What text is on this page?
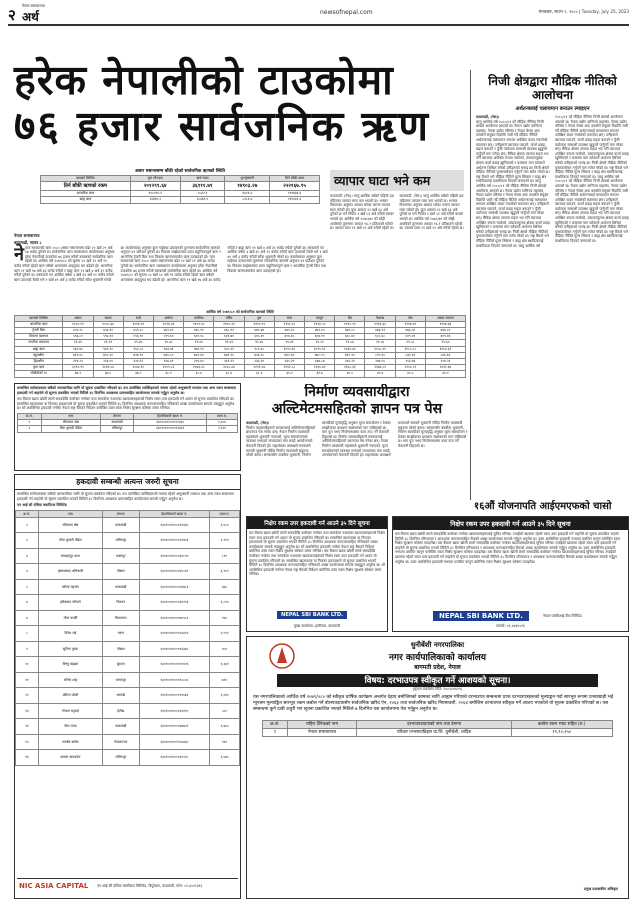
२ नेपाल समाचारपत्र
अर्थ	newsofnepal.com	मंगलबार, साउन ९, २०८० | Tuesday, July 25, 2023
हरेक नेपालीको टाउकोमा
७६ हजार सार्वजनिक ऋण
असार मसान्तसम्म बाँकी रहेको सार्वजनिक ऋणको स्थिति
ऋणको किसिम	मूल भौज्दात	खर्च रकम	पुनर्भुक्तानी	तिर्न बाँकी रकम
तिर्न बाँकी ऋणको रकम	२०१२९९.६४	३६९११.७९	१४९०३.२७	२२२१६७.९५
आन्तरिक ऋण	१०८०२९.१	८५३२.९	६६२१.६	१११७३६.६
बाह्य ऋण	९३२७०.२	२८३७९.०	८२८१.७	११०४३१.३
नेपाल समाचारपत्र
काठमाडौं, साउन ८
ने पाल सरकारको ऋण २०८० असार मसान्तसम्म बढेर २२ खर्ब २१ अर्ब ६७ करोड पुगेको छ। सार्वजनिक ऋण व्यवस्थापन कार्यालयका अनुसार हरेक नेपालीको टाउकोमा ७६ हजार रुपैयाँ बराबरको सार्वजनिक ऋण रहेको छ। आर्थिक वर्ष २०७९/८० को सुरुमा २० खर्ब १२ अर्ब ९९ करोड रुपैयाँ रहेको ऋण वर्षको अन्त्यसम्म आइपुग्दा थप बढेको हो। आन्तरिक ऋण ११ खर्ब १७ अर्ब ३६ करोड रुपैयाँ र बाह्य ऋण ११ खर्ब ४ अर्ब ३१ करोड रुपैयाँ पुगेको छ। सरकारले गत आर्थिक वर्षमा ३ खर्ब ६९ अर्ब ११ करोड रुपैयाँ ऋण उठाएको थियो भने १ खर्ब ४९ अर्ब ३ करोड रुपैयाँ साँवा भुक्तानी गरेको छ। कार्यालयका अनुसार कुल गार्हस्थ्य उत्पादनको तुलनामा सार्वजनिक ऋणको अनुपात ४१ प्रतिशत पुगेको छ। विकास साझेदारबाट प्राप्त सहुलियतपूर्ण ऋण र आन्तरिक ट्रेजरी बिल तथा विकास ऋणपत्रमार्फत ऋण उठाइएको हो। पाल सरकारको ऋण २०८० असार मसान्तसम्म बढेर २२ खर्ब २१ अर्ब ६७ करोड पुगेको छ। सार्वजनिक ऋण व्यवस्थापन कार्यालयका अनुसार हरेक नेपालीको टाउकोमा ७६ हजार रुपैयाँ बराबरको सार्वजनिक ऋण रहेको छ। आर्थिक वर्ष २०७९/८० को सुरुमा २० खर्ब १२ अर्ब ९९ करोड रुपैयाँ रहेको ऋण वर्षको अन्त्यसम्म आइपुग्दा थप बढेको हो। आन्तरिक ऋण ११ खर्ब १७ अर्ब ३६ करोड रुपैयाँ र बाह्य ऋण ११ खर्ब ४ अर्ब ३१ करोड रुपैयाँ पुगेको छ। सरकारले गत आर्थिक वर्षमा ३ खर्ब ६९ अर्ब ११ करोड रुपैयाँ ऋण उठाएको थियो भने १ खर्ब ४९ अर्ब ३ करोड रुपैयाँ साँवा भुक्तानी गरेको छ। कार्यालयका अनुसार कुल गार्हस्थ्य उत्पादनको तुलनामा सार्वजनिक ऋणको अनुपात ४१ प्रतिशत पुगेको छ। विकास साझेदारबाट प्राप्त सहुलियतपूर्ण ऋण र आन्तरिक ट्रेजरी बिल तथा विकास ऋणपत्रमार्फत ऋण उठाइएको हो।
व्यापार घाटा भने कम
काठमाडौं, (नेस)। चालु आर्थिक वर्षको पहिलो दश महिनामा व्यापार घाटा कम भएको छ। भन्सार विभागका अनुसार आयात घटेका कारण व्यापार घाटा घटेको हो। कुल आयात १२ खर्ब ६३ अर्ब पुगेको छ भने निर्यात १ खर्ब ५१ अर्ब रुपैयाँ बराबर भएको छ। आर्थिक वर्ष २०७८/७९ को सोही अवधिको तुलनामा आयात १६.१ प्रतिशतले घटेको छ। व्यापार घाटा ११ खर्ब १२ अर्ब रुपैयाँ रहेको छ। काठमाडौं, (नेस)। चालु आर्थिक वर्षको पहिलो दश महिनामा व्यापार घाटा कम भएको छ। भन्सार विभागका अनुसार आयात घटेका कारण व्यापार घाटा घटेको हो। कुल आयात १२ खर्ब ६३ अर्ब पुगेको छ भने निर्यात १ खर्ब ५१ अर्ब रुपैयाँ बराबर भएको छ। आर्थिक वर्ष २०७८/७९ को सोही अवधिको तुलनामा आयात १६.१ प्रतिशतले घटेको छ। व्यापार घाटा ११ खर्ब १२ अर्ब रुपैयाँ रहेको छ।
निजी क्षेत्रद्वारा मौद्रिक नीतिको आलोचना
अर्थतन्त्रलाई चलायमान बनाउन ल्याइएन
काठमाडौं, (नेस)।
चालु आर्थिक वर्ष २०८०/८१ को मौद्रिक नीतिमा निजी क्षेत्रको आलोचना आएको छ। नेपाल उद्योग वाणिज्य महासंघ, नेपाल उद्योग परिसंघ र नेपाल चेम्बर अफ कमर्सले संयुक्त विज्ञप्ति जारी गर्दै मौद्रिक नीतिले अर्थतन्त्रलाई चलायमान बनाउन अपेक्षित कदम नचालेको बताएका छन्। उनीहरूले ब्याजदर घटाउने, कर्जा प्रवाह सहज बनाउने र पुँजी पर्याप्तता सम्बन्धी व्यवस्था खुकुलो पार्नुपर्ने माग गरेका छन्। बैंकिङ क्षेत्रमा तरलता सहज भए पनि ब्याजदर अपेक्षित रूपमा नघटेको, उत्पादनमूलक क्षेत्रमा कर्जा प्रवाह खुम्चिएको र बजारमा माग घटेकाले अर्थतन्त्र शिथिल बनेको उनीहरूको भनाइ छ। निजी क्षेत्रले मौद्रिक नीतिको पुनरावलोकन गर्नुपर्ने माग समेत गरेको छ। राष्ट्र बैंकले भने मौद्रिक नीतिले मूल्य स्थिरता र बाह्य क्षेत्र स्थायित्वलाई प्राथमिकता दिएको जनाएको छ। चालु आर्थिक वर्ष २०८०/८१ को मौद्रिक नीतिमा निजी क्षेत्रको आलोचना आएको छ। नेपाल उद्योग वाणिज्य महासंघ, नेपाल उद्योग परिसंघ र नेपाल चेम्बर अफ कमर्सले संयुक्त विज्ञप्ति जारी गर्दै मौद्रिक नीतिले अर्थतन्त्रलाई चलायमान बनाउन अपेक्षित कदम नचालेको बताएका छन्। उनीहरूले ब्याजदर घटाउने, कर्जा प्रवाह सहज बनाउने र पुँजी पर्याप्तता सम्बन्धी व्यवस्था खुकुलो पार्नुपर्ने माग गरेका छन्। बैंकिङ क्षेत्रमा तरलता सहज भए पनि ब्याजदर अपेक्षित रूपमा नघटेको, उत्पादनमूलक क्षेत्रमा कर्जा प्रवाह खुम्चिएको र बजारमा माग घटेकाले अर्थतन्त्र शिथिल बनेको उनीहरूको भनाइ छ। निजी क्षेत्रले मौद्रिक नीतिको पुनरावलोकन गर्नुपर्ने माग समेत गरेको छ। राष्ट्र बैंकले भने मौद्रिक नीतिले मूल्य स्थिरता र बाह्य क्षेत्र स्थायित्वलाई प्राथमिकता दिएको जनाएको छ। चालु आर्थिक वर्ष २०८०/८१ को मौद्रिक नीतिमा निजी क्षेत्रको आलोचना आएको छ। नेपाल उद्योग वाणिज्य महासंघ, नेपाल उद्योग परिसंघ र नेपाल चेम्बर अफ कमर्सले संयुक्त विज्ञप्ति जारी गर्दै मौद्रिक नीतिले अर्थतन्त्रलाई चलायमान बनाउन अपेक्षित कदम नचालेको बताएका छन्। उनीहरूले ब्याजदर घटाउने, कर्जा प्रवाह सहज बनाउने र पुँजी पर्याप्तता सम्बन्धी व्यवस्था खुकुलो पार्नुपर्ने माग गरेका छन्। बैंकिङ क्षेत्रमा तरलता सहज भए पनि ब्याजदर अपेक्षित रूपमा नघटेको, उत्पादनमूलक क्षेत्रमा कर्जा प्रवाह खुम्चिएको र बजारमा माग घटेकाले अर्थतन्त्र शिथिल बनेको उनीहरूको भनाइ छ। निजी क्षेत्रले मौद्रिक नीतिको पुनरावलोकन गर्नुपर्ने माग समेत गरेको छ। राष्ट्र बैंकले भने मौद्रिक नीतिले मूल्य स्थिरता र बाह्य क्षेत्र स्थायित्वलाई प्राथमिकता दिएको जनाएको छ। चालु आर्थिक वर्ष २०८०/८१ को मौद्रिक नीतिमा निजी क्षेत्रको आलोचना आएको छ। नेपाल उद्योग वाणिज्य महासंघ, नेपाल उद्योग परिसंघ र नेपाल चेम्बर अफ कमर्सले संयुक्त विज्ञप्ति जारी गर्दै मौद्रिक नीतिले अर्थतन्त्रलाई चलायमान बनाउन अपेक्षित कदम नचालेको बताएका छन्। उनीहरूले ब्याजदर घटाउने, कर्जा प्रवाह सहज बनाउने र पुँजी पर्याप्तता सम्बन्धी व्यवस्था खुकुलो पार्नुपर्ने माग गरेका छन्। बैंकिङ क्षेत्रमा तरलता सहज भए पनि ब्याजदर अपेक्षित रूपमा नघटेको, उत्पादनमूलक क्षेत्रमा कर्जा प्रवाह खुम्चिएको र बजारमा माग घटेकाले अर्थतन्त्र शिथिल बनेको उनीहरूको भनाइ छ। निजी क्षेत्रले मौद्रिक नीतिको पुनरावलोकन गर्नुपर्ने माग समेत गरेको छ। राष्ट्र बैंकले भने मौद्रिक नीतिले मूल्य स्थिरता र बाह्य क्षेत्र स्थायित्वलाई प्राथमिकता दिएको जनाएको छ।
आर्थिक वर्ष २०७९/८० को सार्वजनिक ऋणको स्थिति
ऋणको किसिम	असार	साउन	भदौ	असोज	कात्तिक	मंसिर	पुस	माघ	फागुन	चैत	वैशाख	जेठ	असार मसान्त
आन्तरिक ऋण	१०८०.२९	१०८५.३४	१०९१.२२	१०९६.४१	११०१.१८	११०५.२२	१११०.०९	१११२.२८	१११४.५०	१११५.९०	१११६.३२	१११७.०१	१११७.३६
ट्रेजरी बिल	४५२.१८	४५६.१०	४५९.८८	४६२.३०	४६५.९०	४६८.१२	४७०.४४	४७१.१८	४७२.०५	४७२.८८	४७३.१२	४७३.५०	४७३.८०
विकास ऋणपत्र	५९३.८०	५९४.९२	५९६.९०	५९९.६०	६०१.०८	६०२.७०	६०५.१०	६०६.६५	६०७.९०	६०८.४२	६०८.६८	६०९.०१	६०९.१६
नागरिक बचतपत्र	१९.२१	१९.२२	१९.३०	१९.३८	१९.४०	१९.४२	१९.४५	१९.४९	१९.५१	१९.५४	१९.५६	१९.५८	१९.६०
बाह्य ऋण	९३२.७०	९४१.२०	९५२.८८	९६३.४१	९७१.९०	९८०.२२	९८९.४८	१०००.६०	१०१५.९२	१०३२.४१	१०५८.२०	१०८५.८८	११०४.३१
बहुपक्षीय	७११.४८	७१८.२०	७२७.९०	७३५.८०	७४२.३०	७४९.१०	७५६.२८	७६५.४०	७७८.०५	७९०.२०	८१०.६५	८३२.१४	८४६.७२
द्विपक्षीय	२२१.२२	२२३.००	२२४.९८	२२७.६१	२२९.६०	२३१.१२	२३३.२०	२३५.२०	२३७.८७	२४२.२१	२४७.५५	२५३.७४	२५७.५९
कुल ऋण	२०१२.९९	२०२६.५४	२०४४.१०	२०५९.८२	२०७३.०८	२०८५.४४	२०९९.५७	२११२.८८	२१३०.४२	२१४८.३१	२१७४.५२	२२०२.८९	२२२१.६७
जीडीपीको %	३७.२	३७.५	३७.८	३८.१	३८.४	३८.६	३८.९	३९.२	३९.६	४०.०	४०.४	४०.८	४१.०
सम्बन्धित सरोकारवाला सबैको जानकारीका लागि यो सूचना प्रकाशित गरिएको छ। तल उल्लेखित व्यक्तिहरूको नाममा रहेको अभुक्तानी लाभांश तथा अन्य रकम सम्बन्धमा हकदावी गर्न चाहनेले यो सूचना प्रकाशित भएको मितिले ३५ दिनभित्र आवश्यक प्रमाणसहित कार्यालयमा सम्पर्क गर्नुहुन अनुरोध छ।
यस बैंकमा खाता खोली लामो समयदेखि कारोबार नगरेका तथा सम्पर्कमा नआएका खातावालाहरूको निक्षेप रकम उपर हकदावी गर्न आउन यो सूचना प्रकाशित गरिएको छ। सम्बन्धित खातावाला वा निजका हकवालाले यो सूचना प्रकाशित भएको मितिले ३५ दिनभित्र आवश्यक कागजातसहित नजिकको शाखा कार्यालयमा सम्पर्क राख्नुहुन अनुरोध छ। सो अवधिभित्र हकदावी नगरेमा नेपाल राष्ट्र बैंकको निर्देशन बमोजिम उक्त रकम निक्षेप सुरक्षण कोषमा जम्मा गरिनेछ।
क्र.सं.	नाम	ठेगाना	हिताधिकारी खाता नं.	रकम रु.
१	सीताराम श्रेष्ठ	काठमाडौं	१३०१०२०००००१२३४५	२,४५०
२	गीता कुमारी पौडेल	ललितपुर	१३०१०२०००००२२३४१	१,१२०
निर्माण व्यवसायीद्वारा
अल्टिमेटमसहितको ज्ञापन पत्र पेस
काठमाडौं, (नेस)।
निर्माण व्यवसायीहरूले सरकारलाई अल्टिमेटमसहितको ज्ञापनपत्र पेस गरेका छन्। नेपाल निर्माण व्यवसायी महासंघले भुक्तानी नपाएको, मूल्य समायोजनको व्यवस्था नभएको लगायतका माग राख्दै आन्दोलनको चेतावनी दिएको हो। महासंघका अध्यक्षले सरकारले समयमै भुक्तानी नदिँदा निर्माण व्यवसायी सङ्कटमा परेको बताए। सरकारसँग बक्यौता भुक्तानी, निर्माण सामग्रीको मूल्यवृद्धि अनुसार मूल्य समायोजन र ठेक्का सम्झौताका प्रावधान संशोधनको माग राखिएको छ। माग पूरा नभए निर्माणस्थलमा काम ठप्प गर्ने चेतावनी दिइएको छ। निर्माण व्यवसायीहरूले सरकारलाई अल्टिमेटमसहितको ज्ञापनपत्र पेस गरेका छन्। नेपाल निर्माण व्यवसायी महासंघले भुक्तानी नपाएको, मूल्य समायोजनको व्यवस्था नभएको लगायतका माग राख्दै आन्दोलनको चेतावनी दिएको हो। महासंघका अध्यक्षले सरकारले समयमै भुक्तानी नदिँदा निर्माण व्यवसायी सङ्कटमा परेको बताए। सरकारसँग बक्यौता भुक्तानी, निर्माण सामग्रीको मूल्यवृद्धि अनुसार मूल्य समायोजन र ठेक्का सम्झौताका प्रावधान संशोधनको माग राखिएको छ। माग पूरा नभए निर्माणस्थलमा काम ठप्प गर्ने चेतावनी दिइएको छ।
हकदावी सम्बन्धी अत्यन्त जरुरी सूचना
सम्बन्धित सरोकारवाला सबैको जानकारीका लागि यो सूचना प्रकाशित गरिएको छ। तल उल्लेखित व्यक्तिहरूको नाममा रहेको अभुक्तानी लाभांश तथा अन्य रकम सम्बन्धमा हकदावी गर्न चाहनेले यो सूचना प्रकाशित भएको मितिले ३५ दिनभित्र आवश्यक प्रमाणसहित कार्यालयमा सम्पर्क गर्नुहुन अनुरोध छ।
एन आई सी एसिया क्यापिटल लिमिटेड
क्र.सं.	नाम	ठेगाना	हिताधिकारी खाता नं.	रकम रु.
१	सीताराम श्रेष्ठ	काठमाडौं	१३०१०२०००००१२३४५	२,४५०
२	गीता कुमारी पौडेल	ललितपुर	१३०१०२०००००२२३४१	१,१२०
३	रामबहादुर थापा	भक्तपुर	१३०१०२०००००३१८९०	८९०
४	कृष्णप्रसाद अधिकारी	पोखरा	१३०१०२०००००४५५१२	३,२००
५	सरिता महर्जन	काठमाडौं	१३०१०२०००००५६७८१	६७५
६	हरिप्रसाद न्यौपाने	चितवन	१३०१०२०००००६१२२३	१,८९०
७	मीना कार्की	विराटनगर	१३०१०२०००००७०९८१	९४०
८	दिनेश राई	धरान	१३०१०२०००००८४४१२	२,०१०
९	सुनिता गुरुङ	पोखरा	१३०१०२०००००९३३७८	४५०
१०	विष्णु खड्का	बुटवल	१३०१०२००००१०११२६	१,३३०
११	अनिल शाह	जनकपुर	१३०१०२००००११८८४५	७२०
१२	प्रमिला जोशी	धनगढी	१३०१०२००००१२५६७१	१,०६०
१३	गोपाल भट्टराई	हेटौंडा	१३०१०२००००१३२३९०	५८०
१४	रीता लामा	काठमाडौं	१३०१०२००००१४७७०२	२,७४०
१५	सन्तोष बस्नेत	नेपालगञ्ज	१३०१०२००००१५४४६०	९९०
१६	कमला सापकोटा	ललितपुर	१३०१०२००००१६०१२८	१,४७०
NIC ASIA CAPITAL एन आई सी एसिया क्यापिटल लिमिटेड, त्रिपुरेश्वर, काठमाडौं, फोन: ०१-४५११३६२
निक्षेप रकम उपर हकदावी गर्न आउने ३५ दिने सूचना
यस बैंकमा खाता खोली लामो समयदेखि कारोबार नगरेका तथा सम्पर्कमा नआएका खातावालाहरूको निक्षेप रकम उपर हकदावी गर्न आउन यो सूचना प्रकाशित गरिएको छ। सम्बन्धित खातावाला वा निजका हकवालाले यो सूचना प्रकाशित भएको मितिले ३५ दिनभित्र आवश्यक कागजातसहित नजिकको शाखा कार्यालयमा सम्पर्क राख्नुहुन अनुरोध छ। सो अवधिभित्र हकदावी नगरेमा नेपाल राष्ट्र बैंकको निर्देशन बमोजिम उक्त रकम निक्षेप सुरक्षण कोषमा जम्मा गरिनेछ। यस बैंकमा खाता खोली लामो समयदेखि कारोबार नगरेका तथा सम्पर्कमा नआएका खातावालाहरूको निक्षेप रकम उपर हकदावी गर्न आउन यो सूचना प्रकाशित गरिएको छ। सम्बन्धित खातावाला वा निजका हकवालाले यो सूचना प्रकाशित भएको मितिले ३५ दिनभित्र आवश्यक कागजातसहित नजिकको शाखा कार्यालयमा सम्पर्क राख्नुहुन अनुरोध छ। सो अवधिभित्र हकदावी नगरेमा नेपाल राष्ट्र बैंकको निर्देशन बमोजिम उक्त रकम निक्षेप सुरक्षण कोषमा जम्मा गरिनेछ।
NEPAL SBI BANK LTD.
मुख्य कार्यालय: हात्तीसार, काठमाडौं
निक्षेप रकम उपर हकदावी गर्न आउने ३५ दिने सूचना
यस बैंकमा खाता खोली लामो समयदेखि कारोबार नगरेका खातावालाहरूलाई सूचित गरिन्छ। तपाईंको खातामा रहेको रकम उपर हकदावी गर्न चाहनेले यो सूचना प्रकाशित भएको मितिले ३५ दिनभित्र परिचयपत्र र आवश्यक कागजातसहित बैंकको शाखा कार्यालयमा सम्पर्क गर्नुहुन अनुरोध छ। उक्त अवधिभित्र हकदावी नभएमा प्रचलित कानुन बमोजिम रकम निक्षेप सुरक्षण कोषमा पठाइनेछ। यस बैंकमा खाता खोली लामो समयदेखि कारोबार नगरेका खातावालाहरूलाई सूचित गरिन्छ। तपाईंको खातामा रहेको रकम उपर हकदावी गर्न चाहनेले यो सूचना प्रकाशित भएको मितिले ३५ दिनभित्र परिचयपत्र र आवश्यक कागजातसहित बैंकको शाखा कार्यालयमा सम्पर्क गर्नुहुन अनुरोध छ। उक्त अवधिभित्र हकदावी नभएमा प्रचलित कानुन बमोजिम रकम निक्षेप सुरक्षण कोषमा पठाइनेछ। यस बैंकमा खाता खोली लामो समयदेखि कारोबार नगरेका खातावालाहरूलाई सूचित गरिन्छ। तपाईंको खातामा रहेको रकम उपर हकदावी गर्न चाहनेले यो सूचना प्रकाशित भएको मितिले ३५ दिनभित्र परिचयपत्र र आवश्यक कागजातसहित बैंकको शाखा कार्यालयमा सम्पर्क गर्नुहुन अनुरोध छ। उक्त अवधिभित्र हकदावी नभएमा प्रचलित कानुन बमोजिम रकम निक्षेप सुरक्षण कोषमा पठाइनेछ।
NEPAL SBI BANK LTD.	नेपाल एसबिआई बैंक लिमिटेड
सम्पर्क: ०१-४४३५५१६
१६औं योजनापति आईएमएफको चासो
धुनीबेंशी नगरपालिका
नगर कार्यपालिकाको कार्यालय
बागमती प्रदेश, नेपाल
विषय: दरभाउपत्र स्वीकृत गर्ने आशयको सूचना।
(सूचना प्रकाशित मिति: २०८०/०४/०९)
यस नगरपालिकाको आर्थिक वर्ष २०७९/०८० को स्वीकृत वार्षिक कार्यक्रम अन्तर्गत देहाय बमोजिमको कामका लागि आह्वान गरिएको दरभाउपत्र सम्बन्धमा प्राप्त दरभाउपत्रहरूको मूल्याङ्कन गर्दा सारभूत रूपमा प्रभावग्राही भई न्यूनतम मूल्याङ्कित सारभूत रकम कबोल गर्ने बोलपत्रदातासँग सार्वजनिक खरिद ऐन, २०६३ तथा सार्वजनिक खरिद नियमावली, २०६४ बमोजिम दरभाउपत्र स्वीकृत गर्ने आशय भएकोले यो सूचना प्रकाशित गरिएको छ। यस सम्बन्धमा कुनै दाबी उजुरी भए सूचना प्रकाशित भएको मितिले ७ दिनभित्र यस कार्यालयमा पेश गर्नुहुन अनुरोध छ।
क्र.सं.	राष्ट्रिय दैनिकको नाम	दरभाउपत्रदाताको नाम तथा ठेगाना	कबोल रकम भ्याट सहित (रु.)
१	नेपाल समाचारपत्र	परिवार एभरग्रयाडिङ्स प्रा.लि. धुनीबेंशी, धादिङ	१९,९०,२५०
प्रमुख प्रशासकीय अधिकृत
